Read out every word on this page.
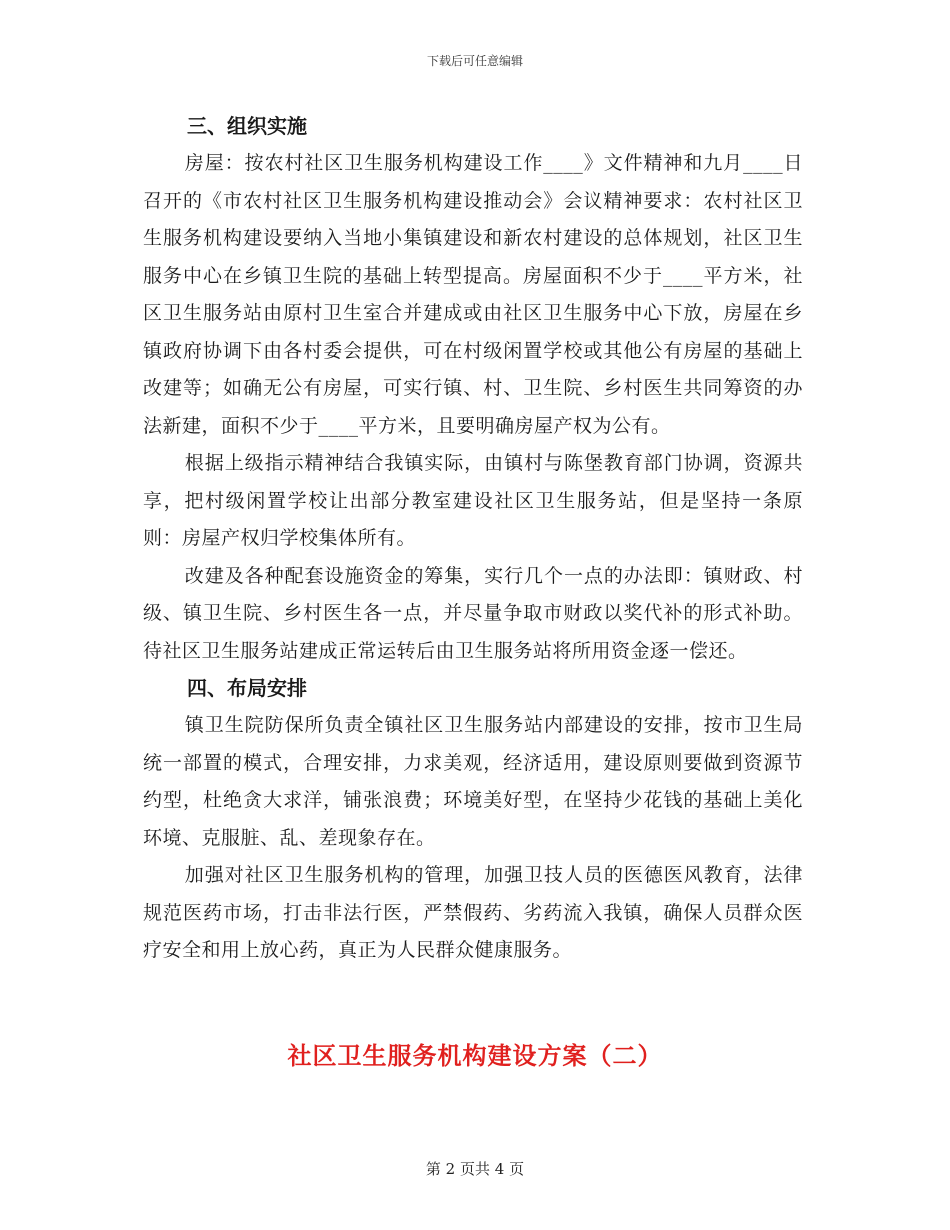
下载后可任意编辑
三、组织实施

房屋：按农村社区卫生服务机构建设工作____》文件精神和九月____日召开的《市农村社区卫生服务机构建设推动会》会议精神要求：农村社区卫生服务机构建设要纳入当地小集镇建设和新农村建设的总体规划，社区卫生服务中心在乡镇卫生院的基础上转型提高。房屋面积不少于____平方米，社区卫生服务站由原村卫生室合并建成或由社区卫生服务中心下放，房屋在乡镇政府协调下由各村委会提供，可在村级闲置学校或其他公有房屋的基础上改建等；如确无公有房屋，可实行镇、村、卫生院、乡村医生共同筹资的办法新建，面积不少于____平方米，且要明确房屋产权为公有。

根据上级指示精神结合我镇实际，由镇村与陈堡教育部门协调，资源共享，把村级闲置学校让出部分教室建设社区卫生服务站，但是坚持一条原则：房屋产权归学校集体所有。

改建及各种配套设施资金的筹集，实行几个一点的办法即：镇财政、村级、镇卫生院、乡村医生各一点，并尽量争取市财政以奖代补的形式补助。待社区卫生服务站建成正常运转后由卫生服务站将所用资金逐一偿还。

四、布局安排

镇卫生院防保所负责全镇社区卫生服务站内部建设的安排，按市卫生局统一部置的模式，合理安排，力求美观，经济适用，建设原则要做到资源节约型，杜绝贪大求洋，铺张浪费；环境美好型，在坚持少花钱的基础上美化环境、克服脏、乱、差现象存在。

加强对社区卫生服务机构的管理，加强卫技人员的医德医风教育，法律规范医药市场，打击非法行医，严禁假药、劣药流入我镇，确保人员群众医疗安全和用上放心药，真正为人民群众健康服务。

社区卫生服务机构建设方案（二）
第 2 页共 4 页
